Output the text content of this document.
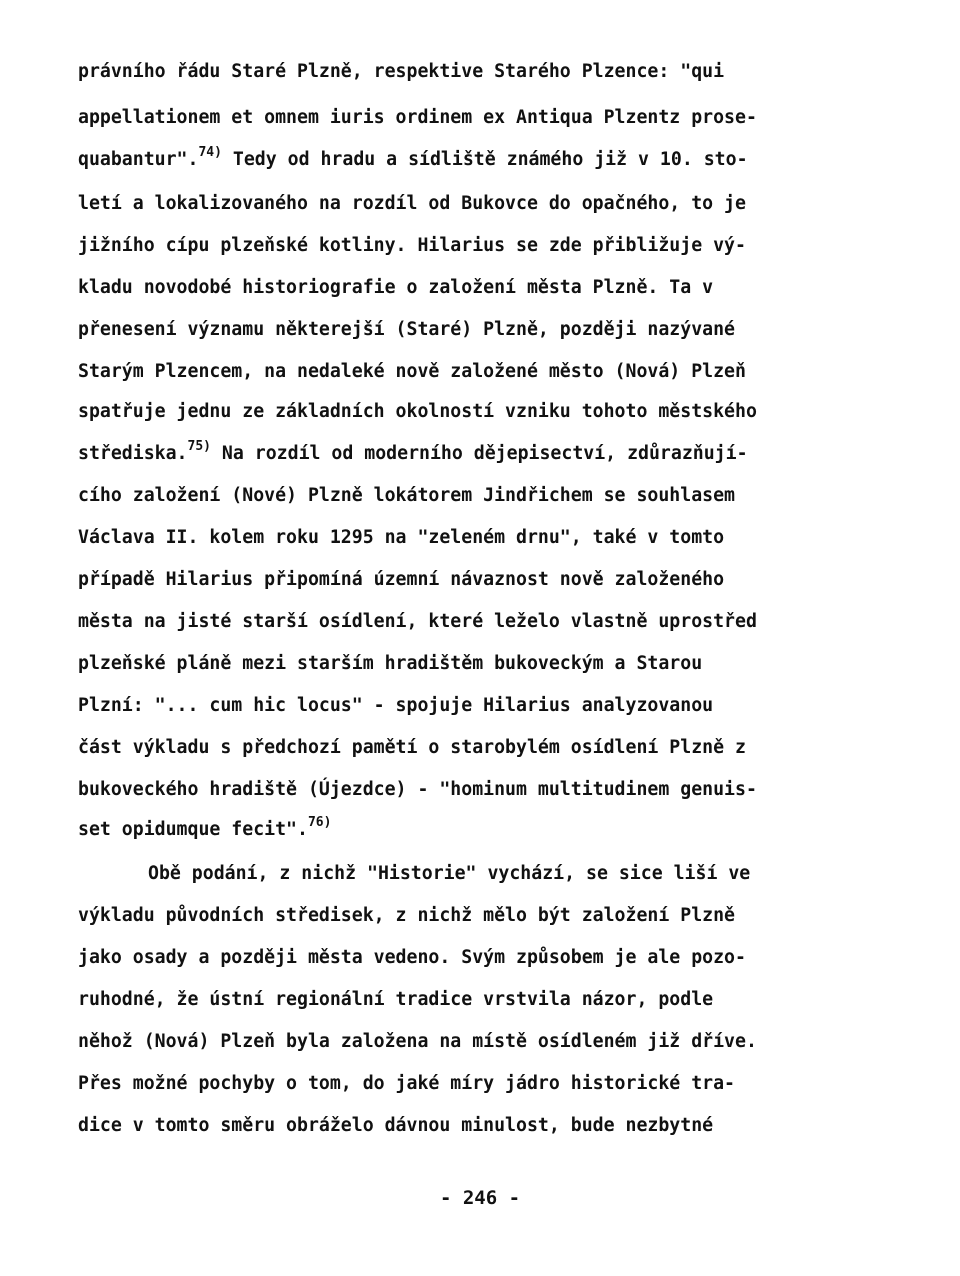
právního řádu Staré Plzně, respektive Starého Plzence: "qui
appellationem et omnem iuris ordinem ex Antiqua Plzentz prose-
quabantur".$^{74)}$ Tedy od hradu a sídliště známého již v 10. sto-
letí a lokalizovaného na rozdíl od Bukovce do opačného, to je
jižního cípu plzeňské kotliny. Hilarius se zde přibližuje vý-
kladu novodobé historiografie o založení města Plzně. Ta v
přenesení významu některejší (Staré) Plzně, později nazývané
Starým Plzencem, na nedaleké nově založené město (Nová) Plzeň
spatřuje jednu ze základních okolností vzniku tohoto městského
střediska.$^{75)}$ Na rozdíl od moderního dějepisectví, zdůrazňují-
cího založení (Nové) Plzně lokátorem Jindřichem se souhlasem
Václava II. kolem roku 1295 na "zeleném drnu", také v tomto
případě Hilarius připomíná územní návaznost nově založeného
města na jisté starší osídlení, které leželo vlastně uprostřed
plzeňské pláně mezi starším hradištěm bukoveckým a Starou
Plzní: "... cum hic locus" - spojuje Hilarius analyzovanou
část výkladu s předchozí pamětí o starobylém osídlení Plzně z
bukoveckého hradiště (Újezdce) - "hominum multitudinem genuis-
set opidumque fecit".$^{76)}$
Obě podání, z nichž "Historie" vychází, se sice liší ve
výkladu původních středisek, z nichž mělo být založení Plzně
jako osady a později města vedeno. Svým způsobem je ale pozo-
ruhodné, že ústní regionální tradice vrstvila názor, podle
něhož (Nová) Plzeň byla založena na místě osídleném již dříve.
Přes možné pochyby o tom, do jaké míry jádro historické tra-
dice v tomto směru obráželo dávnou minulost, bude nezbytné
- 246 -
